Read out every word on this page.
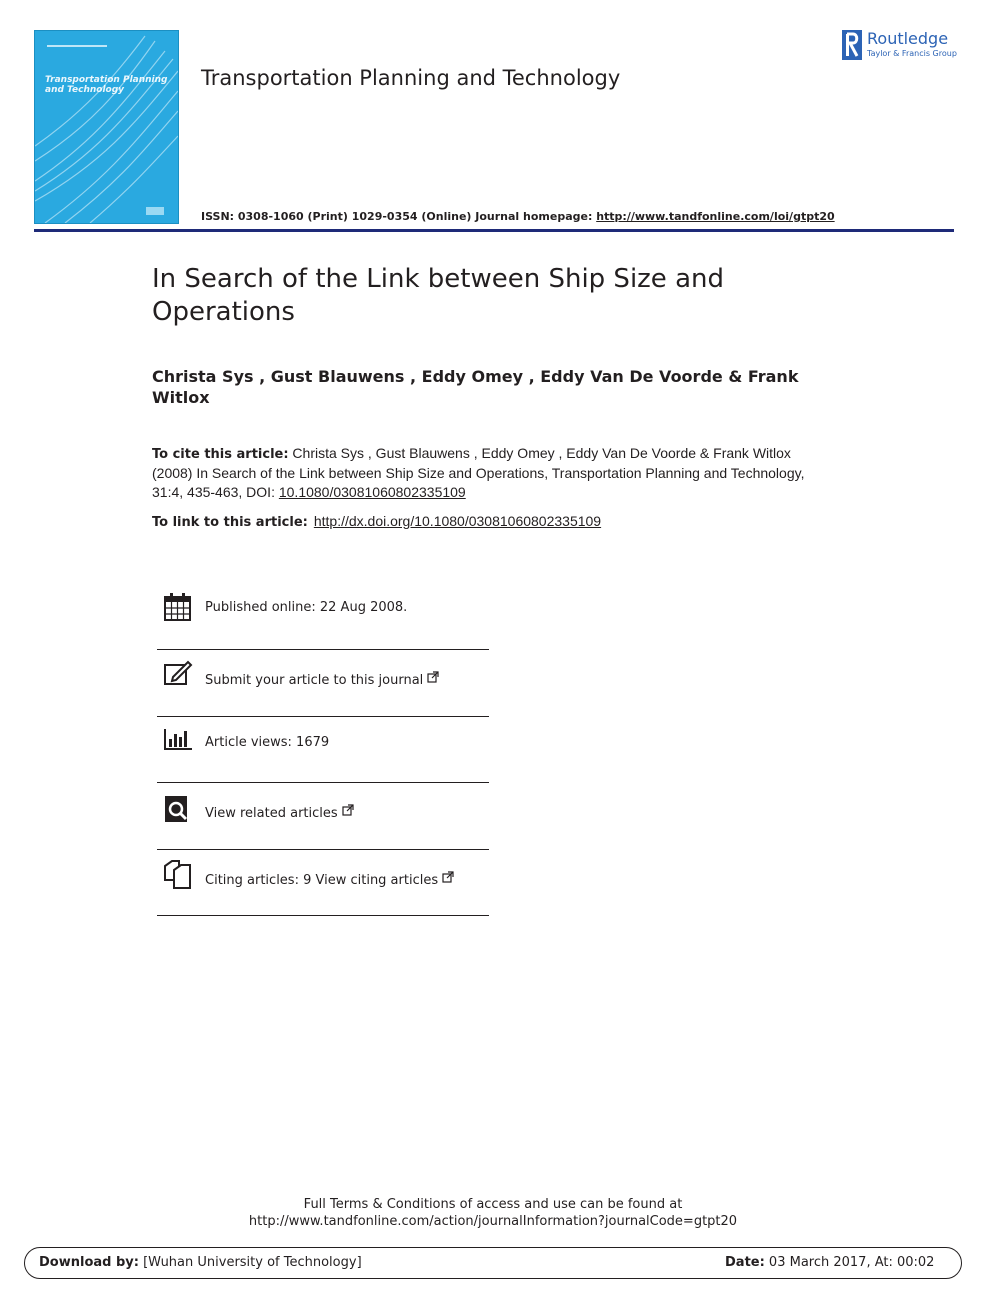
Transportation Planning and Technology	Transportation Planning and Technology
Routledge
Taylor & Francis Group
ISSN: 0308-1060 (Print) 1029-0354 (Online) Journal homepage: http://www.tandfonline.com/loi/gtpt20
In Search of the Link between Ship Size and Operations
Christa Sys , Gust Blauwens , Eddy Omey , Eddy Van De Voorde & Frank Witlox
To cite this article: Christa Sys , Gust Blauwens , Eddy Omey , Eddy Van De Voorde & Frank Witlox (2008) In Search of the Link between Ship Size and Operations, Transportation Planning and Technology, 31:4, 435-463, DOI: 10.1080/03081060802335109
To link to this article: http://dx.doi.org/10.1080/03081060802335109
Published online: 22 Aug 2008.
Submit your article to this journal
Article views: 1679
View related articles
Citing articles: 9 View citing articles
Full Terms & Conditions of access and use can be found at
http://www.tandfonline.com/action/journalInformation?journalCode=gtpt20
Download by: [Wuhan University of Technology]	Date: 03 March 2017, At: 00:02
